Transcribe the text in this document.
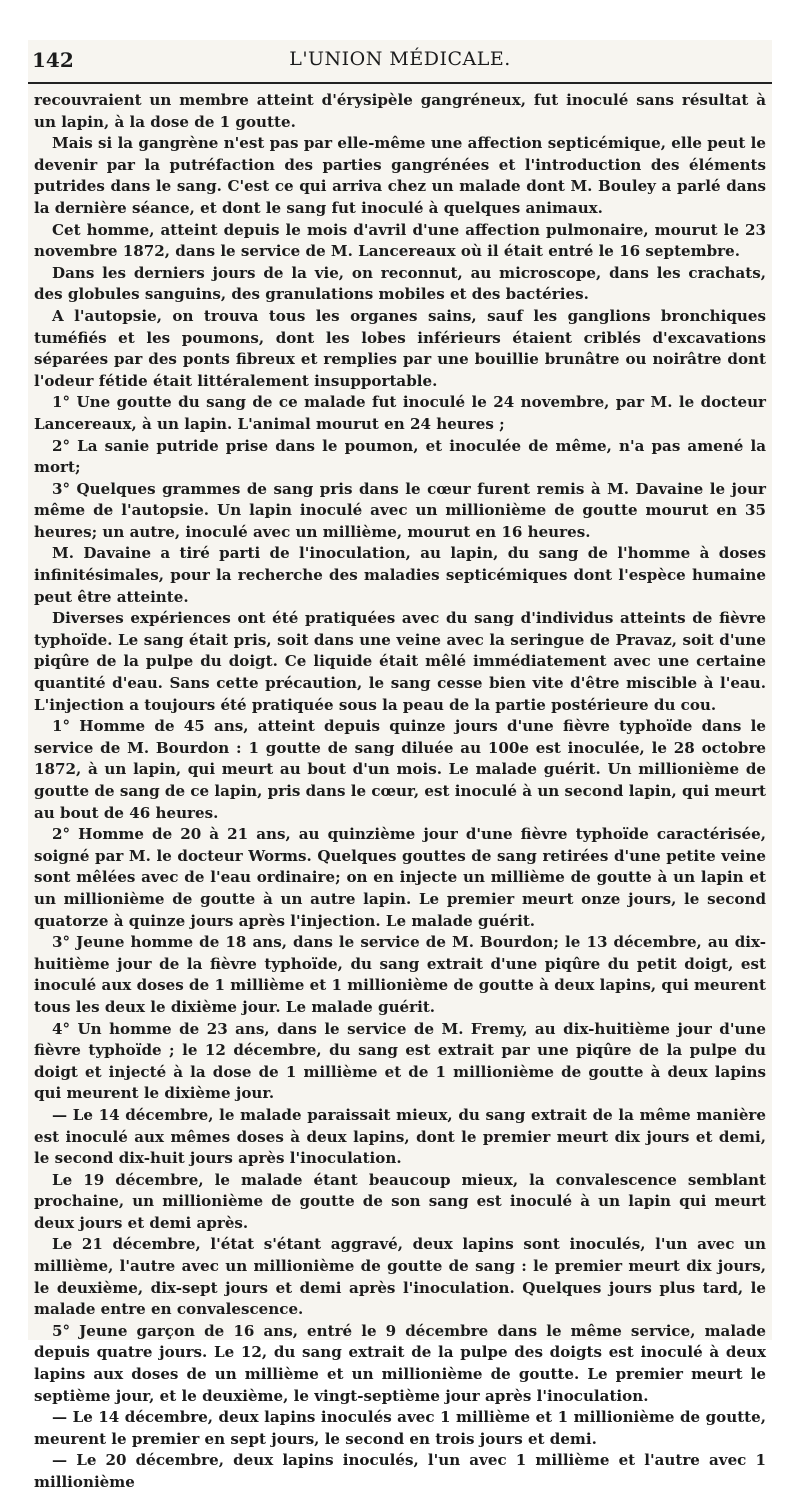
142	L'UNION MÉDICALE.

recouvraient un membre atteint d'érysipèle gangréneux, fut inoculé sans résultat à un lapin, à la dose de 1 goutte.

Mais si la gangrène n'est pas par elle-même une affection septicémique, elle peut le devenir par la putréfaction des parties gangrénées et l'introduction des éléments putrides dans le sang. C'est ce qui arriva chez un malade dont M. Bouley a parlé dans la dernière séance, et dont le sang fut inoculé à quelques animaux.

Cet homme, atteint depuis le mois d'avril d'une affection pulmonaire, mourut le 23 novembre 1872, dans le service de M. Lancereaux où il était entré le 16 septembre.

Dans les derniers jours de la vie, on reconnut, au microscope, dans les crachats, des globules sanguins, des granulations mobiles et des bactéries.

A l'autopsie, on trouva tous les organes sains, sauf les ganglions bronchiques tuméfiés et les poumons, dont les lobes inférieurs étaient criblés d'excavations séparées par des ponts fibreux et remplies par une bouillie brunâtre ou noirâtre dont l'odeur fétide était littéralement insupportable.

1° Une goutte du sang de ce malade fut inoculé le 24 novembre, par M. le docteur Lancereaux, à un lapin. L'animal mourut en 24 heures ;

2° La sanie putride prise dans le poumon, et inoculée de même, n'a pas amené la mort;

3° Quelques grammes de sang pris dans le cœur furent remis à M. Davaine le jour même de l'autopsie. Un lapin inoculé avec un millionième de goutte mourut en 35 heures; un autre, inoculé avec un millième, mourut en 16 heures.

M. Davaine a tiré parti de l'inoculation, au lapin, du sang de l'homme à doses infinitésimales, pour la recherche des maladies septicémiques dont l'espèce humaine peut être atteinte.

Diverses expériences ont été pratiquées avec du sang d'individus atteints de fièvre typhoïde. Le sang était pris, soit dans une veine avec la seringue de Pravaz, soit d'une piqûre de la pulpe du doigt. Ce liquide était mêlé immédiatement avec une certaine quantité d'eau. Sans cette précaution, le sang cesse bien vite d'être miscible à l'eau. L'injection a toujours été pratiquée sous la peau de la partie postérieure du cou.

1° Homme de 45 ans, atteint depuis quinze jours d'une fièvre typhoïde dans le service de M. Bourdon : 1 goutte de sang diluée au 100e est inoculée, le 28 octobre 1872, à un lapin, qui meurt au bout d'un mois. Le malade guérit. Un millionième de goutte de sang de ce lapin, pris dans le cœur, est inoculé à un second lapin, qui meurt au bout de 46 heures.

2° Homme de 20 à 21 ans, au quinzième jour d'une fièvre typhoïde caractérisée, soigné par M. le docteur Worms. Quelques gouttes de sang retirées d'une petite veine sont mêlées avec de l'eau ordinaire; on en injecte un millième de goutte à un lapin et un millionième de goutte à un autre lapin. Le premier meurt onze jours, le second quatorze à quinze jours après l'injection. Le malade guérit.

3° Jeune homme de 18 ans, dans le service de M. Bourdon; le 13 décembre, au dix-huitième jour de la fièvre typhoïde, du sang extrait d'une piqûre du petit doigt, est inoculé aux doses de 1 millième et 1 millionième de goutte à deux lapins, qui meurent tous les deux le dixième jour. Le malade guérit.

4° Un homme de 23 ans, dans le service de M. Fremy, au dix-huitième jour d'une fièvre typhoïde ; le 12 décembre, du sang est extrait par une piqûre de la pulpe du doigt et injecté à la dose de 1 millième et de 1 millionième de goutte à deux lapins qui meurent le dixième jour.

— Le 14 décembre, le malade paraissait mieux, du sang extrait de la même manière est inoculé aux mêmes doses à deux lapins, dont le premier meurt dix jours et demi, le second dix-huit jours après l'inoculation.

Le 19 décembre, le malade étant beaucoup mieux, la convalescence semblant prochaine, un millionième de goutte de son sang est inoculé à un lapin qui meurt deux jours et demi après.

Le 21 décembre, l'état s'étant aggravé, deux lapins sont inoculés, l'un avec un millième, l'autre avec un millionième de goutte de sang : le premier meurt dix jours, le deuxième, dix-sept jours et demi après l'inoculation. Quelques jours plus tard, le malade entre en convalescence.

5° Jeune garçon de 16 ans, entré le 9 décembre dans le même service, malade depuis quatre jours. Le 12, du sang extrait de la pulpe des doigts est inoculé à deux lapins aux doses de un millième et un millionième de goutte. Le premier meurt le septième jour, et le deuxième, le vingt-septième jour après l'inoculation.

— Le 14 décembre, deux lapins inoculés avec 1 millième et 1 millionième de goutte, meurent le premier en sept jours, le second en trois jours et demi.

— Le 20 décembre, deux lapins inoculés, l'un avec 1 millième et l'autre avec 1 millionième
